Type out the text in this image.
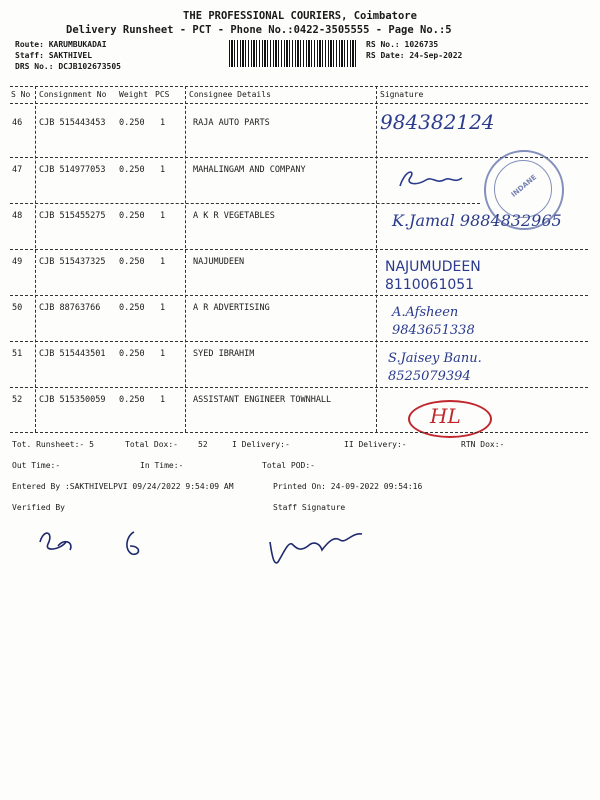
THE PROFESSIONAL COURIERS, Coimbatore
Delivery Runsheet - PCT - Phone No.:0422-3505555 - Page No.:5
Route: KARUMBUKADAI
Staff: SAKTHIVEL
DRS No.: DCJB102673505
RS No.: 1026735
RS Date: 24-Sep-2022
S No Consignment No Weight PCS Consignee Details	Signature
46 CJB 515443453 0.250 1	RAJA AUTO PARTS	984382124
47 CJB 514977053 0.250 1	MAHALINGAM AND COMPANY
48 CJB 515455275 0.250 1	A K R VEGETABLES	K.Jamal 9884832965
49 CJB 515437325 0.250 1	NAJUMUDEEN	NAJUMUDEEN 8110061051
50 CJB 88763766 0.250 1	A R ADVERTISING	A.Afsheen 9843651338
51 CJB 515443501 0.250 1	SYED IBRAHIM	S.Jaisey Banu. 8525079394
52 CJB 515350059 0.250 1	ASSISTANT ENGINEER TOWNHALL
HL
INDANE
Tot. Runsheet:- 5	Total Dox:-	52	I Delivery:-	II Delivery:-	RTN Dox:-
Out Time:-	In Time:-	Total POD:-
Entered By :SAKTHIVELPVI 09/24/2022 9:54:09 AM	Printed On: 24-09-2022 09:54:16
Verified By	Staff Signature
